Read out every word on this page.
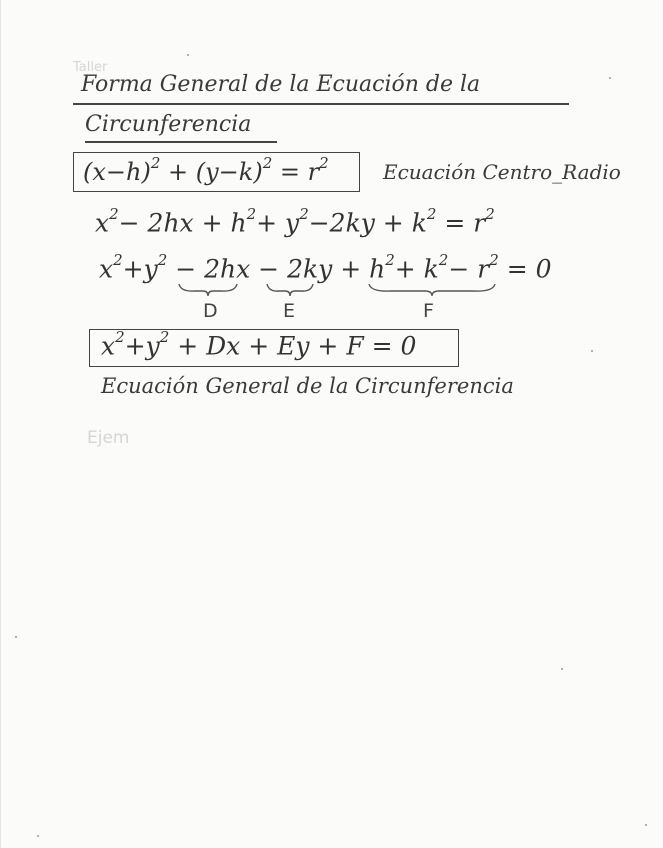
Taller
Ejem
Forma General de la Ecuación de la
Circunferencia
$(x-h)^2 + (y-k)^2 = r^2$	Ecuación Centro_Radio
$x^2- 2hx + h^2+ y^2-2ky + k^2 = r^2$
$x^2+y^2 - 2hx - 2ky + h^2+ k^2- r^2 = 0$
D	E	F
$x^2+y^2 + Dx + Ey + F = 0$
Ecuación General de la Circunferencia
